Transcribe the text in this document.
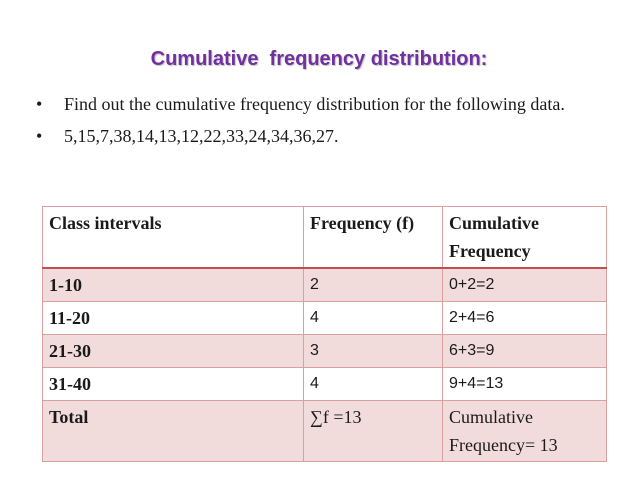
Cumulative  frequency distribution:
•	Find out the cumulative frequency distribution for the following data.
•	5,15,7,38,14,13,12,22,33,24,34,36,27.
Class intervals	Frequency (f)	Cumulative Frequency
1-10	2	0+2=2
11-20	4	2+4=6
21-30	3	6+3=9
31-40	4	9+4=13
Total	∑f =13	Cumulative Frequency= 13
